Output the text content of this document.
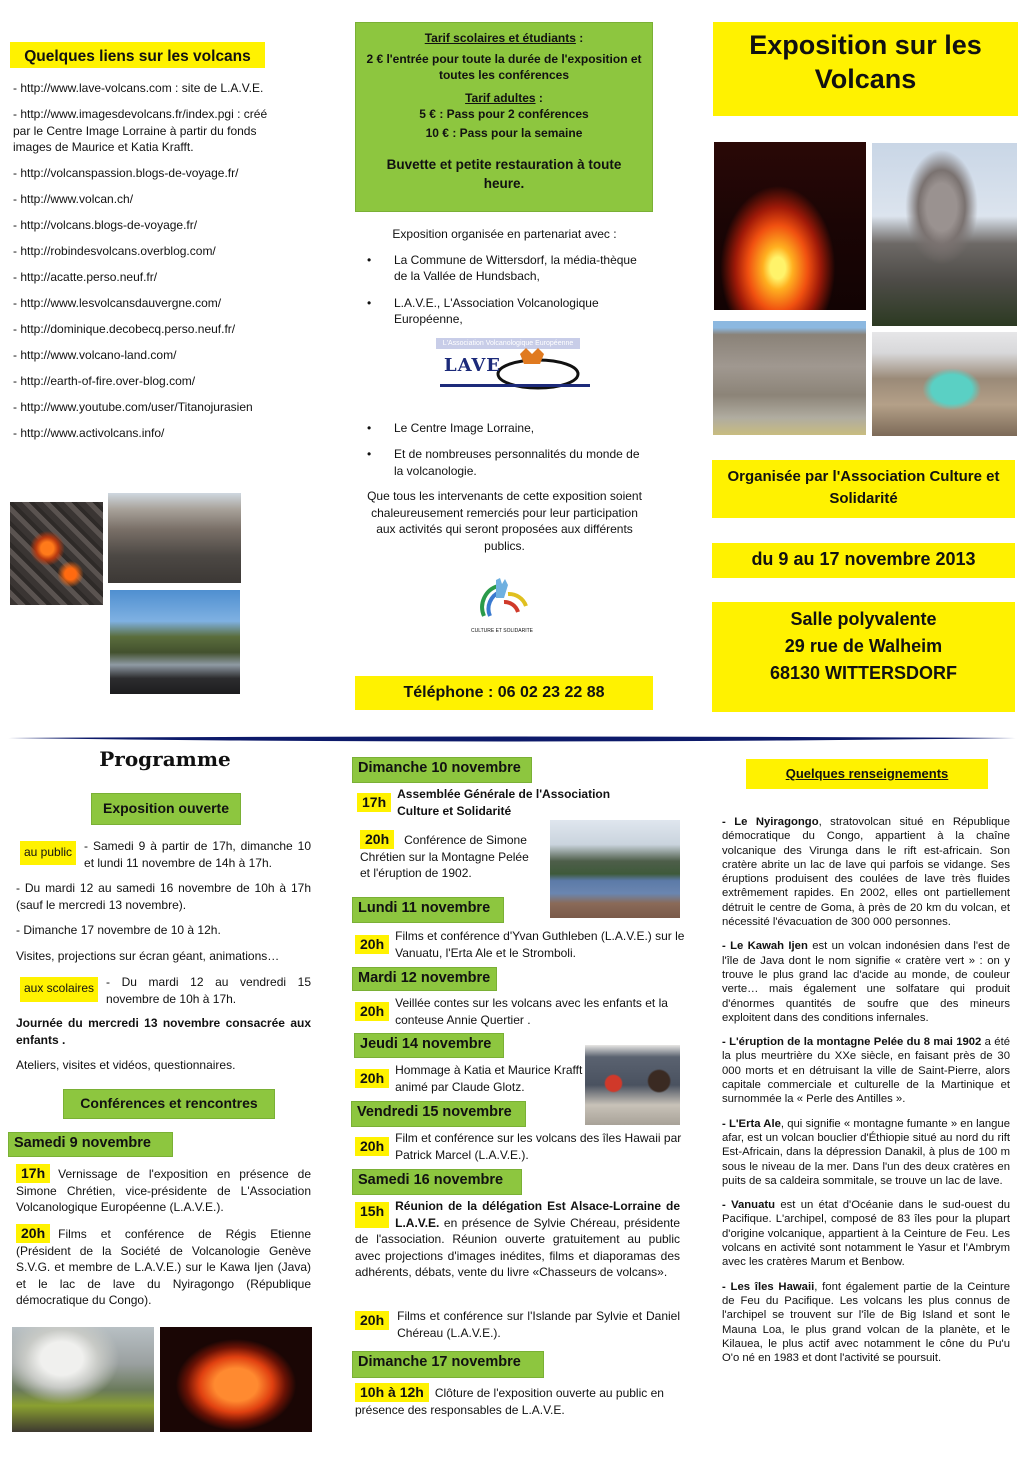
Quelques liens sur les volcans

- http://www.lave-volcans.com : site de L.A.V.E.

- http://www.imagesdevolcans.fr/index.pgi : créé par le Centre Image Lorraine à partir du fonds images de Maurice et Katia Krafft.

- http://volcanspassion.blogs-de-voyage.fr/

- http://www.volcan.ch/

- http://volcans.blogs-de-voyage.fr/

- http://robindesvolcans.overblog.com/

- http://acatte.perso.neuf.fr/

- http://www.lesvolcansdauvergne.com/

- http://dominique.decobecq.perso.neuf.fr/

- http://www.volcano-land.com/

- http://earth-of-fire.over-blog.com/

- http://www.youtube.com/user/Titanojurasien

- http://www.activolcans.info/

Tarif scolaires et étudiants :

2 € l'entrée pour toute la durée de l'exposition et toutes les conférences

Tarif adultes :

5 € : Pass pour 2 conférences

10 € : Pass pour la semaine

Buvette et petite restauration à toute heure.

Exposition organisée en partenariat avec :

• La Commune de Wittersdorf, la média-thèque de la Vallée de Hundsbach,
• L.A.V.E., L'Association Volcanologique Européenne,
L'Association Volcanologique Européenne
LAVE
• Le Centre Image Lorraine,
• Et de nombreuses personnalités du monde de la volcanologie.

Que tous les intervenants de cette exposition soient chaleureusement remerciés pour leur participation aux activités qui seront proposées aux différents publics.

CULTURE ET SOLIDARITE
Téléphone : 06 02 23 22 88
Exposition sur les Volcans
Organisée par l'Association Culture et Solidarité
du 9 au 17 novembre 2013
Salle polyvalente
29 rue de Walheim
68130 WITTERSDORF
Programme
Exposition ouverte
au public	- Samedi 9 à partir de 17h, dimanche 10 et lundi 11 novembre de 14h à 17h.

- Du mardi 12 au samedi 16 novembre de 10h à 17h (sauf le mercredi 13 novembre).

- Dimanche 17 novembre de 10 à 12h.

Visites, projections sur écran géant, animations…

aux scolaires	- Du mardi 12 au vendredi 15 novembre de 10h à 17h.

Journée du mercredi 13 novembre consacrée aux enfants .

Ateliers, visites et vidéos, questionnaires.

Conférences et rencontres
Samedi 9 novembre
17h Vernissage de l'exposition en présence de Simone Chrétien, vice-présidente de L'Association Volcanologique Européenne (L.A.V.E.).
20h Films et conférence de Régis Etienne (Président de la Société de Volcanologie Genève S.V.G. et membre de L.A.V.E.) sur le Kawa Ijen (Java) et le lac de lave du Nyiragongo (République démocratique du Congo).
Dimanche 10 novembre
17h Assemblée Générale de l'Association Culture et Solidarité
20h Conférence de Simone Chrétien sur la Montagne Pelée et l'éruption de 1902.
Lundi 11 novembre
20h Films et conférence d'Yvan Guthleben (L.A.V.E.) sur le Vanuatu, l'Erta Ale et le Stromboli.
Mardi 12 novembre
20h Veillée contes sur les volcans avec les enfants et la conteuse Annie Quertier .
Jeudi 14 novembre
20h Hommage à Katia et Maurice Krafft animé par Claude Glotz.
Vendredi 15 novembre
20h Film et conférence sur les volcans des îles Hawaii par Patrick Marcel (L.A.V.E.).
Samedi 16 novembre
15h Réunion de la délégation Est Alsace-Lorraine de L.A.V.E. en présence de Sylvie Chéreau, présidente de l'association. Réunion ouverte gratuitement au public avec projections d'images inédites, films et diaporamas des adhérents, débats, vente du livre «Chasseurs de volcans».
20h	Films et conférence sur l'Islande par Sylvie et Daniel Chéreau (L.A.V.E.).
Dimanche 17 novembre
10h à 12h Clôture de l'exposition ouverte au public en présence des responsables de L.A.V.E.
Quelques renseignements

- Le Nyiragongo, stratovolcan situé en République démocratique du Congo, appartient à la chaîne volcanique des Virunga dans le rift est-africain. Son cratère abrite un lac de lave qui parfois se vidange. Ses éruptions produisent des coulées de lave très fluides extrêmement rapides. En 2002, elles ont partiellement détruit le centre de Goma, à près de 20 km du volcan, et nécessité l'évacuation de 300 000 personnes.

- Le Kawah Ijen est un volcan indonésien dans l'est de l'île de Java dont le nom signifie « cratère vert » : on y trouve le plus grand lac d'acide au monde, de couleur verte… mais également une solfatare qui produit d'énormes quantités de soufre que des mineurs exploitent dans des conditions infernales.

- L'éruption de la montagne Pelée du 8 mai 1902 a été la plus meurtrière du XXe siècle, en faisant près de 30 000 morts et en détruisant la ville de Saint-Pierre, alors capitale commerciale et culturelle de la Martinique et surnommée la « Perle des Antilles ».

- L'Erta Ale, qui signifie « montagne fumante » en langue afar, est un volcan bouclier d'Éthiopie situé au nord du rift Est-Africain, dans la dépression Danakil, à plus de 100 m sous le niveau de la mer. Dans l'un des deux cratères en puits de sa caldeira sommitale, se trouve un lac de lave.

- Vanuatu est un état d'Océanie dans le sud-ouest du Pacifique. L'archipel, composé de 83 îles pour la plupart d'origine volcanique, appartient à la Ceinture de Feu. Les volcans en activité sont notamment le Yasur et l'Ambrym avec les cratères Marum et Benbow.

- Les îles Hawaii, font également partie de la Ceinture de Feu du Pacifique. Les volcans les plus connus de l'archipel se trouvent sur l'île de Big Island et sont le Mauna Loa, le plus grand volcan de la planète, et le Kilauea, le plus actif avec notamment le cône du Pu'u O'o né en 1983 et dont l'activité se poursuit.
